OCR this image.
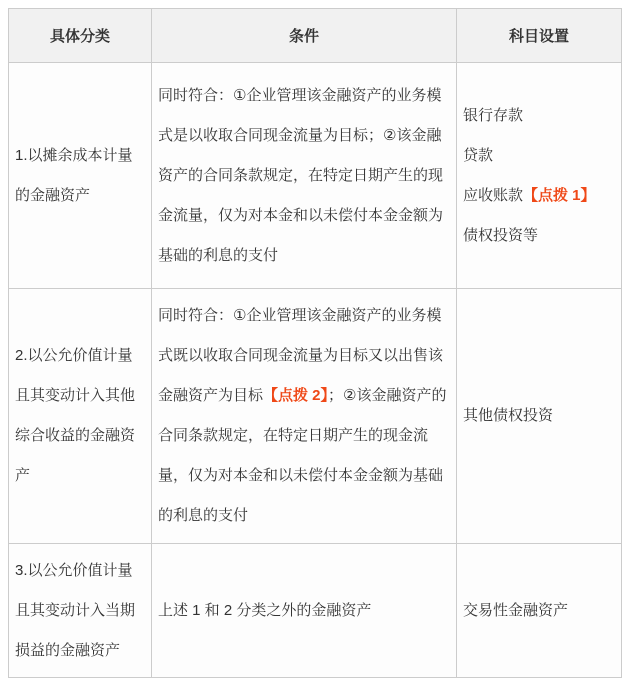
具体分类	条件	科目设置

1.以摊余成本计量的金融资产	同时符合：①企业管理该金融资产的业务模式是以收取合同现金流量为目标；②该金融资产的合同条款规定，在特定日期产生的现金流量，仅为对本金和以未偿付本金金额为基础的利息的支付	银行存款

贷款

应收账款【点拨 1】

债权投资等

2.以公允价值计量且其变动计入其他综合收益的金融资产	同时符合：①企业管理该金融资产的业务模式既以收取合同现金流量为目标又以出售该金融资产为目标【点拨 2】；②该金融资产的合同条款规定，在特定日期产生的现金流量，仅为对本金和以未偿付本金金额为基础的利息的支付	其他债权投资

3.以公允价值计量且其变动计入当期损益的金融资产	上述 1 和 2 分类之外的金融资产	交易性金融资产
